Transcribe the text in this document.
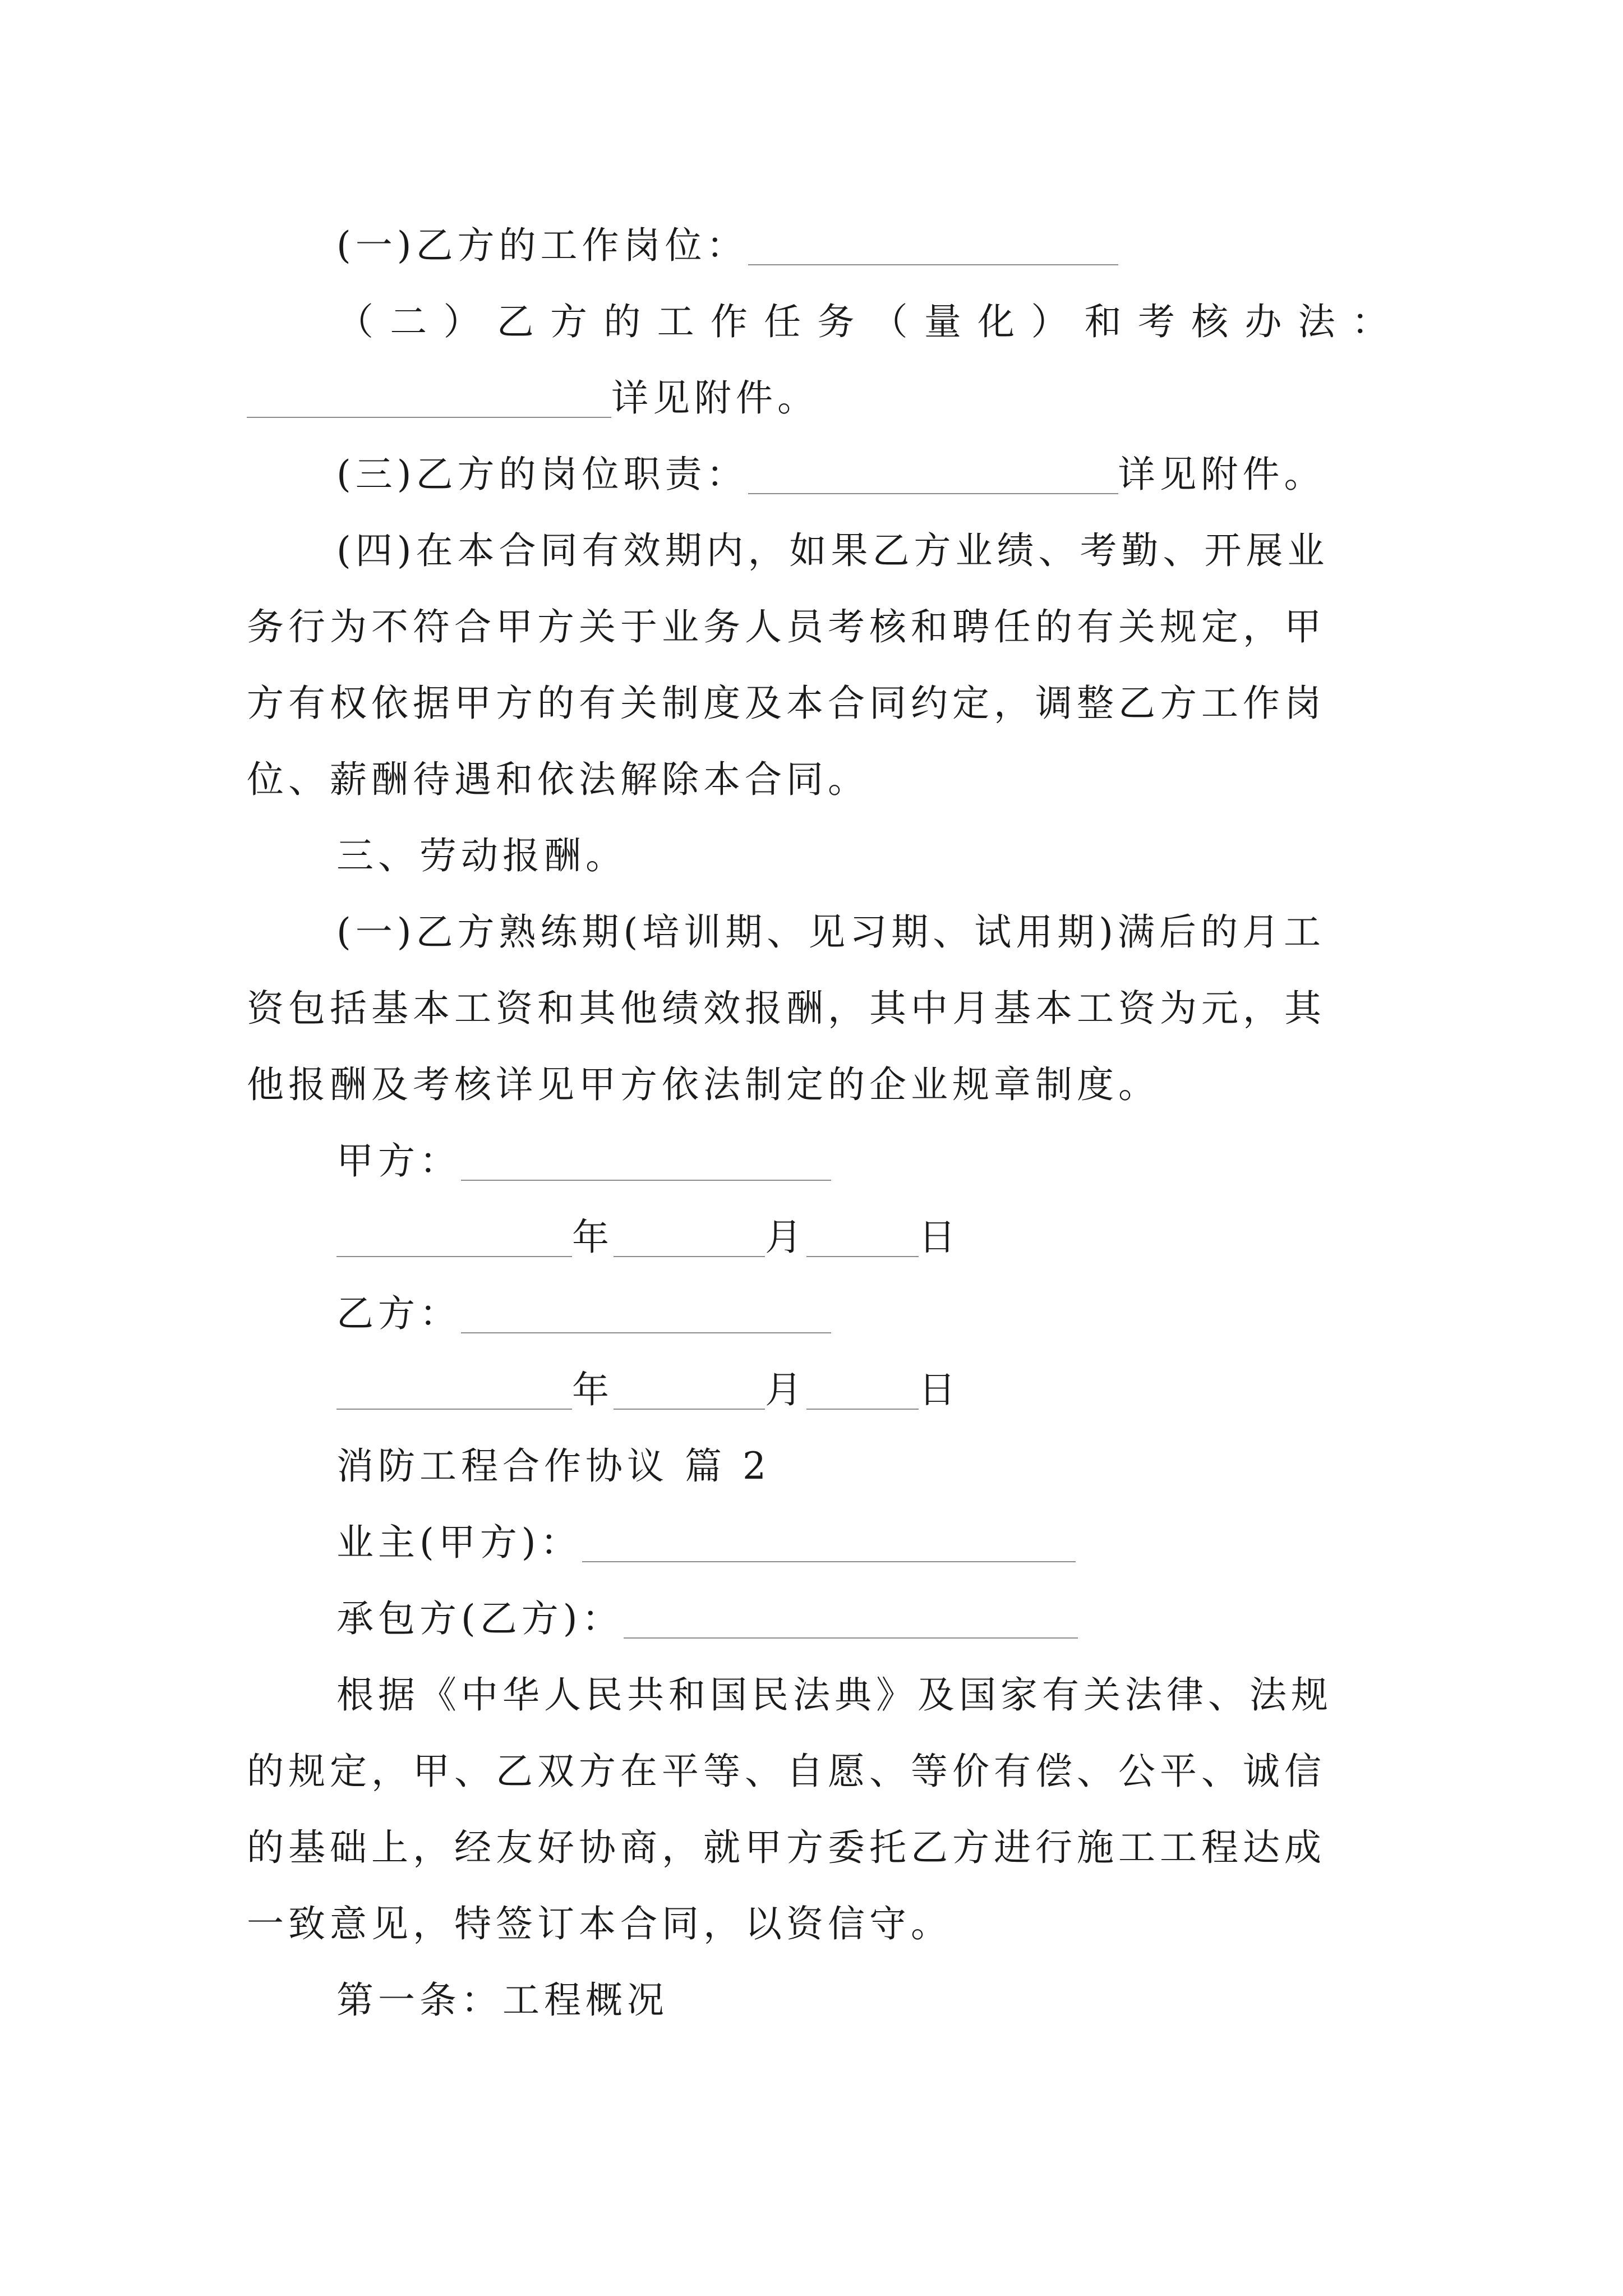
(一)乙方的工作岗位：
（二）乙方的工作任务（量化）和考核办法：
详见附件。
(三)乙方的岗位职责：	详见附件。
(四)在本合同有效期内，如果乙方业绩、考勤、开展业
务行为不符合甲方关于业务人员考核和聘任的有关规定，甲
方有权依据甲方的有关制度及本合同约定，调整乙方工作岗
位、薪酬待遇和依法解除本合同。
三、劳动报酬。
(一)乙方熟练期(培训期、见习期、试用期)满后的月工
资包括基本工资和其他绩效报酬，其中月基本工资为元，其
他报酬及考核详见甲方依法制定的企业规章制度。
甲方：
年	月	日
乙方：
年	月	日
消防工程合作协议 篇 2
业主(甲方)：
承包方(乙方)：
根据《中华人民共和国民法典》及国家有关法律、法规
的规定，甲、乙双方在平等、自愿、等价有偿、公平、诚信
的基础上，经友好协商，就甲方委托乙方进行施工工程达成
一致意见，特签订本合同，以资信守。
第一条：工程概况
